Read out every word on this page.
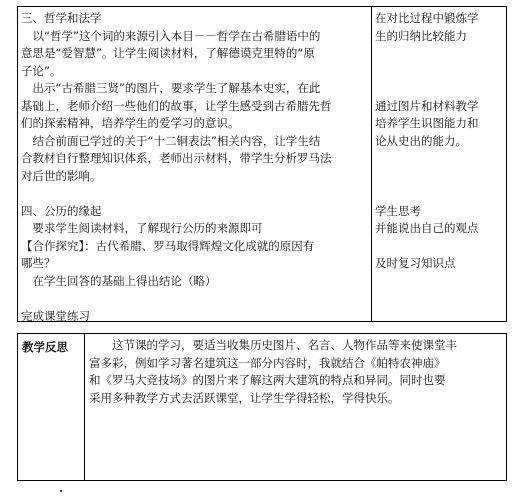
三、哲学和法学

　以“哲学”这个词的来源引入本目－－哲学在古希腊语中的

意思是“爱智慧”。让学生阅读材料，了解德谟克里特的“原

子论”。

　出示“古希腊三贤”的图片，要求学生了解基本史实，在此

基础上，老师介绍一些他们的故事，让学生感受到古希腊先哲

们的探索精神，培养学生的爱学习的意识。

　结合前面已学过的关于“十二铜表法”相关内容，让学生结

合教材自行整理知识体系，老师出示材料，带学生分析罗马法

对后世的影响。

四、公历的缘起

　要求学生阅读材料，了解现行公历的来源即可

【合作探究】：古代希腊、罗马取得辉煌文化成就的原因有

哪些？

　在学生回答的基础上得出结论（略）

完成课堂练习

在对比过程中锻炼学

生的归纳比较能力

通过图片和材料教学

培养学生识图能力和

论从史出的能力。

学生思考

并能说出自己的观点

及时复习知识点

教学反思	这节课的学习，要适当收集历史图片、名言、人物作品等来使课堂丰

富多彩，例如学习著名建筑这一部分内容时，我就结合《帕特农神庙》

和《罗马大竞技场》的图片来了解这两大建筑的特点和异同。同时也要

采用多种教学方式去活跃课堂，让学生学得轻松，学得快乐。
